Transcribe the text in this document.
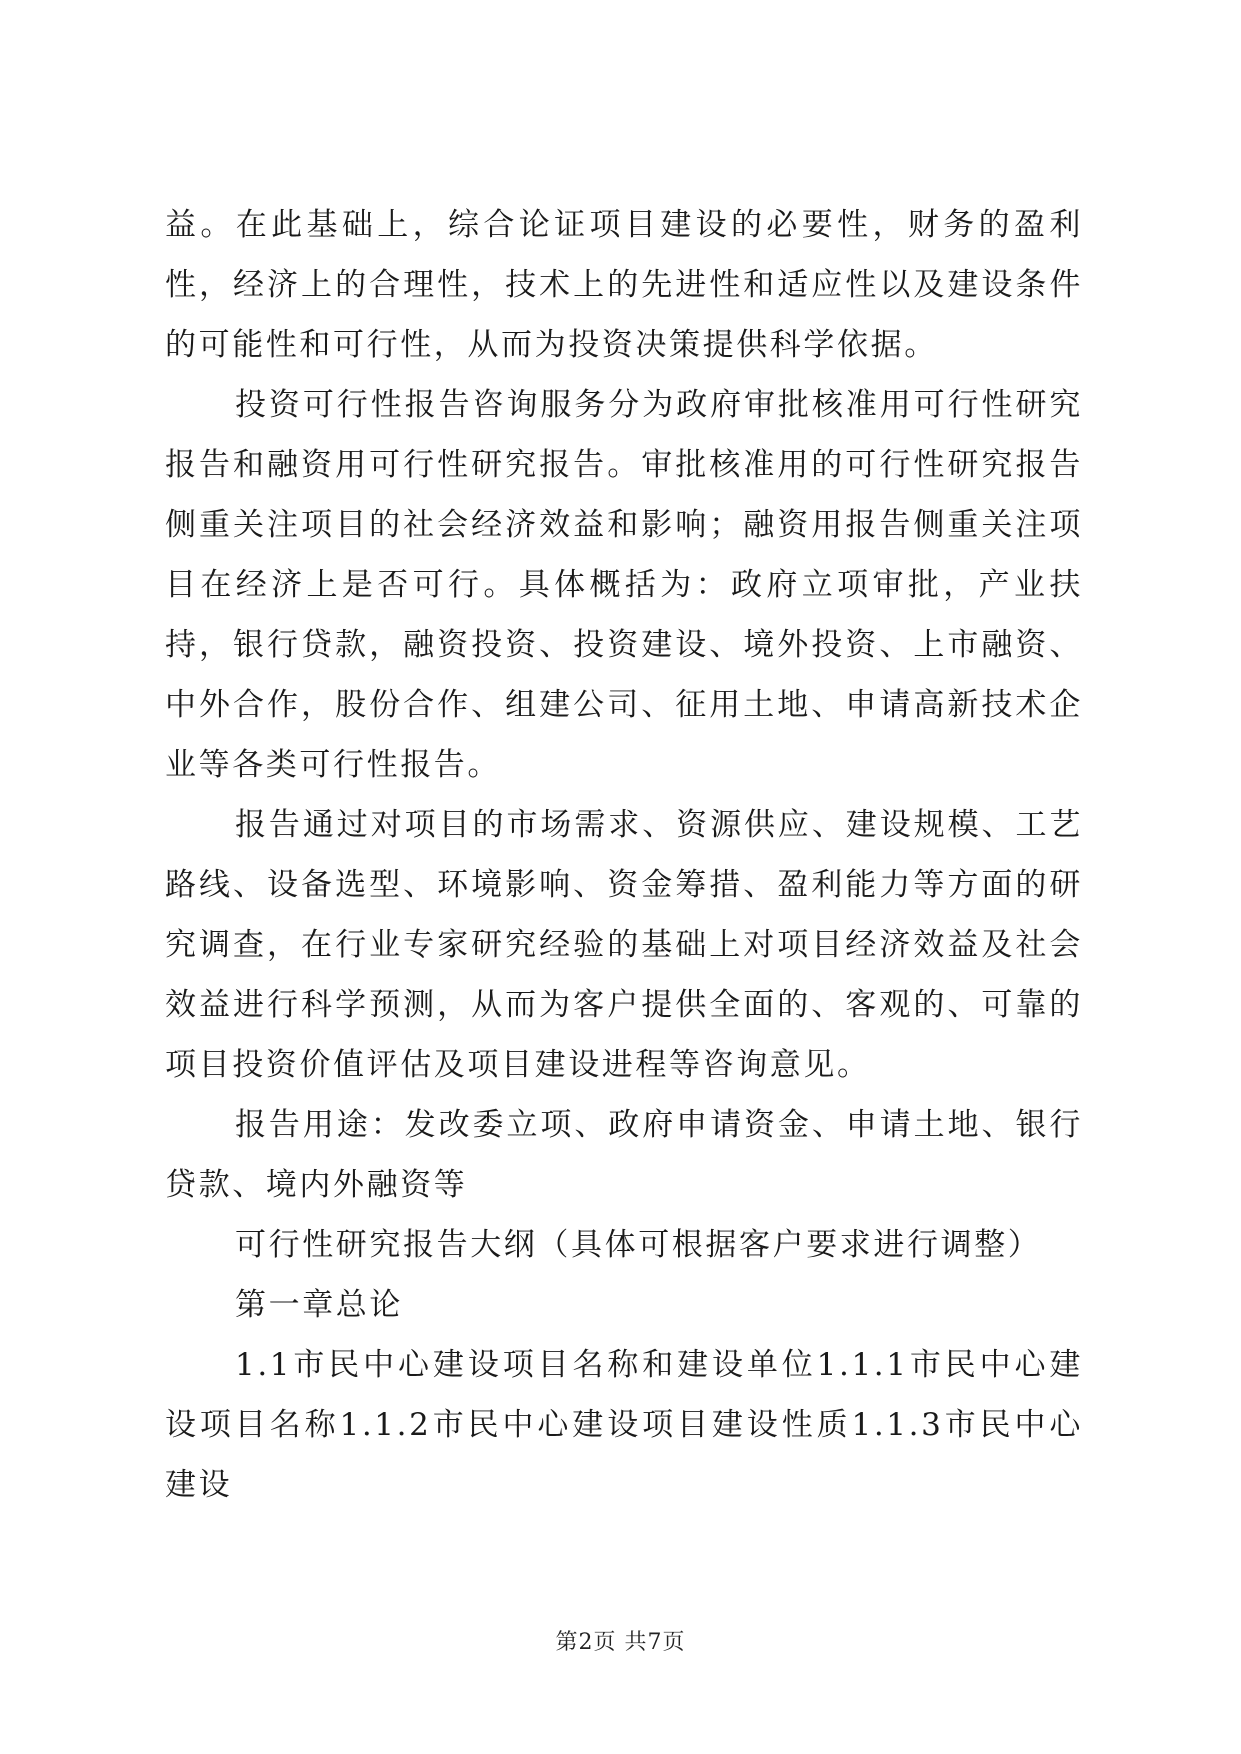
益。在此基础上，综合论证项目建设的必要性，财务的盈利性，经济上的合理性，技术上的先进性和适应性以及建设条件的可能性和可行性，从而为投资决策提供科学依据。

投资可行性报告咨询服务分为政府审批核准用可行性研究报告和融资用可行性研究报告。审批核准用的可行性研究报告侧重关注项目的社会经济效益和影响；融资用报告侧重关注项目在经济上是否可行。具体概括为：政府立项审批，产业扶持，银行贷款，融资投资、投资建设、境外投资、上市融资、中外合作，股份合作、组建公司、征用土地、申请高新技术企业等各类可行性报告。

报告通过对项目的市场需求、资源供应、建设规模、工艺路线、设备选型、环境影响、资金筹措、盈利能力等方面的研究调查，在行业专家研究经验的基础上对项目经济效益及社会效益进行科学预测，从而为客户提供全面的、客观的、可靠的项目投资价值评估及项目建设进程等咨询意见。

报告用途：发改委立项、政府申请资金、申请土地、银行贷款、境内外融资等

可行性研究报告大纲（具体可根据客户要求进行调整）

第一章总论

1.1市民中心建设项目名称和建设单位1.1.1市民中心建设项目名称1.1.2市民中心建设项目建设性质1.1.3市民中心建设

第2页 共7页
